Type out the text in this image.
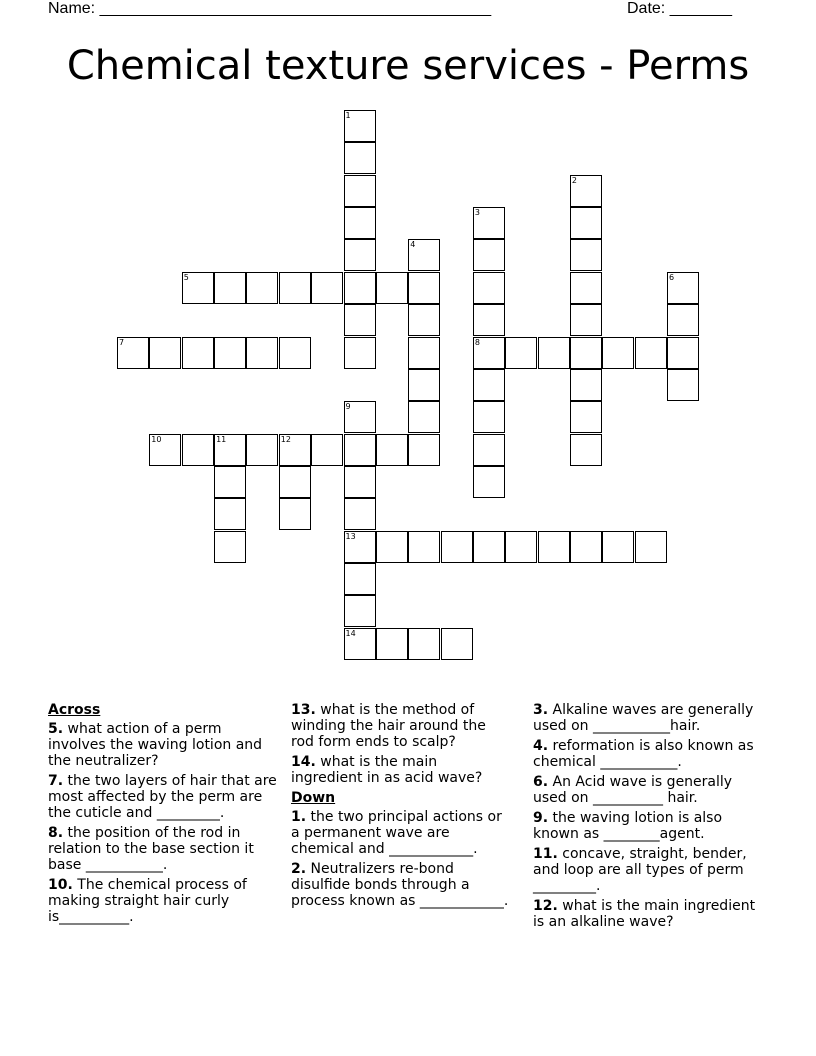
Name: ____________________________________________	Date: _______
Chemical texture services - Perms
1
2
3
4
5	6
7	8
9
10	11	12
13
14
Across
5. what action of a perm involves the waving lotion and the neutralizer?
7. the two layers of hair that are most affected by the perm are the cuticle and _________.
8. the position of the rod in relation to the base section it base ___________.
10. The chemical process of making straight hair curly is__________.
13. what is the method of winding the hair around the rod form ends to scalp?
14. what is the main ingredient in as acid wave?
Down
1. the two principal actions or a permanent wave are chemical and ____________.
2. Neutralizers re-bond disulfide bonds through a process known as ____________.
3. Alkaline waves are generally used on ___________hair.
4. reformation is also known as chemical ___________.
6. An Acid wave is generally used on __________ hair.
9. the waving lotion is also known as ________agent.
11. concave, straight, bender, and loop are all types of perm _________.
12. what is the main ingredient is an alkaline wave?
